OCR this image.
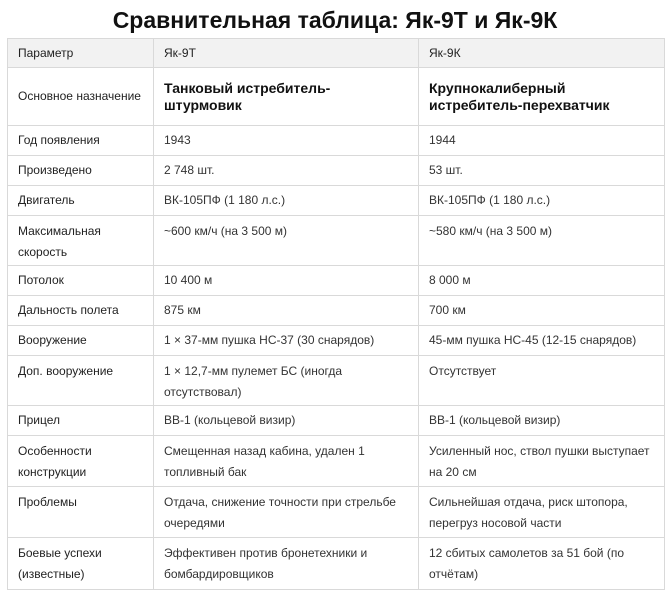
Сравнительная таблица: Як-9Т и Як-9К
Параметр	Як-9Т	Як-9К
Основное назначение	Танковый истребитель-штурмовик	Крупнокалиберный истребитель-перехватчик
Год появления	1943	1944
Произведено	2 748 шт.	53 шт.
Двигатель	ВК-105ПФ (1 180 л.с.)	ВК-105ПФ (1 180 л.с.)
Максимальная скорость	~600 км/ч (на 3 500 м)	~580 км/ч (на 3 500 м)
Потолок	10 400 м	8 000 м
Дальность полета	875 км	700 км
Вооружение	1 × 37-мм пушка НС-37 (30 снарядов)	45-мм пушка НС-45 (12-15 снарядов)
Доп. вооружение	1 × 12,7-мм пулемет БС (иногда отсутствовал)	Отсутствует
Прицел	ВВ-1 (кольцевой визир)	ВВ-1 (кольцевой визир)
Особенности конструкции	Смещенная назад кабина, удален 1 топливный бак	Усиленный нос, ствол пушки выступает на 20 см
Проблемы	Отдача, снижение точности при стрельбе очередями	Сильнейшая отдача, риск штопора, перегруз носовой части
Боевые успехи (известные)	Эффективен против бронетехники и бомбардировщиков	12 сбитых самолетов за 51 бой (по отчётам)
